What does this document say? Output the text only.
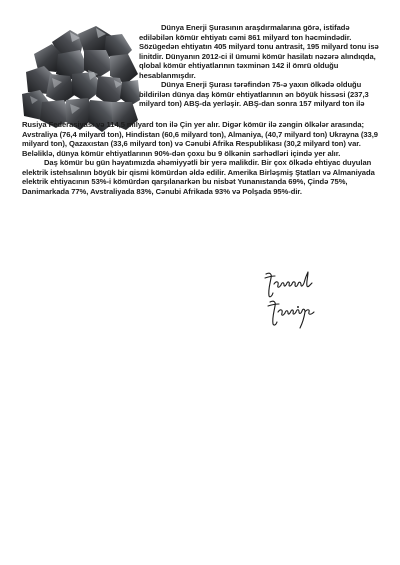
Dünya Enerji Şurasının araşdırmalarına görə, istifadə ediləbilən kömür ehtiyatı cəmi 861 milyard ton həcmindədir. Sözügedən ehtiyatın 405 milyard tonu antrasit, 195 milyard tonu isə linitdir. Dünyanın 2012-ci il ümumi kömür hasilatı nəzərə alındıqda, qlobal kömür ehtiyatlarının təxminən 142 il ömrü olduğu hesablanmışdır.

Dünya Enerji Şurası tərəfindən 75-ə yaxın ölkədə olduğu bildirilən dünya daş kömür ehtiyatlarının ən böyük hissəsi (237,3 milyard ton) ABŞ-da yerləşir. ABŞ-dan sonra 157 milyard ton ilə

Rusiya Federasiyası və 114,5 milyard ton ilə Çin yer alır. Digər kömür ilə zəngin ölkələr arasında; Avstraliya (76,4 milyard ton), Hindistan (60,6 milyard ton), Almaniya, (40,7 milyard ton) Ukrayna (33,9 milyard ton), Qazaxıstan (33,6 milyard ton) və Cənubi Afrika Respublikası (30,2 milyard ton) var. Beləliklə, dünya kömür ehtiyatlarının 90%-dən çoxu bu 9 ölkənin sərhədləri içində yer alır.

Daş kömür bu gün həyatımızda əhəmiyyətli bir yerə malikdir. Bir çox ölkədə ehtiyac duyulan elektrik istehsalının böyük bir qismi kömürdən əldə edilir. Amerika Birləşmiş Ştatları və Almaniyada elektrik ehtiyacının 53%-i kömürdən qarşılanarkən bu nisbət Yunanıstanda 69%, Çində 75%, Danimarkada 77%, Avstraliyada 83%, Cənubi Afrikada 93% və Polşada 95%-dir.
